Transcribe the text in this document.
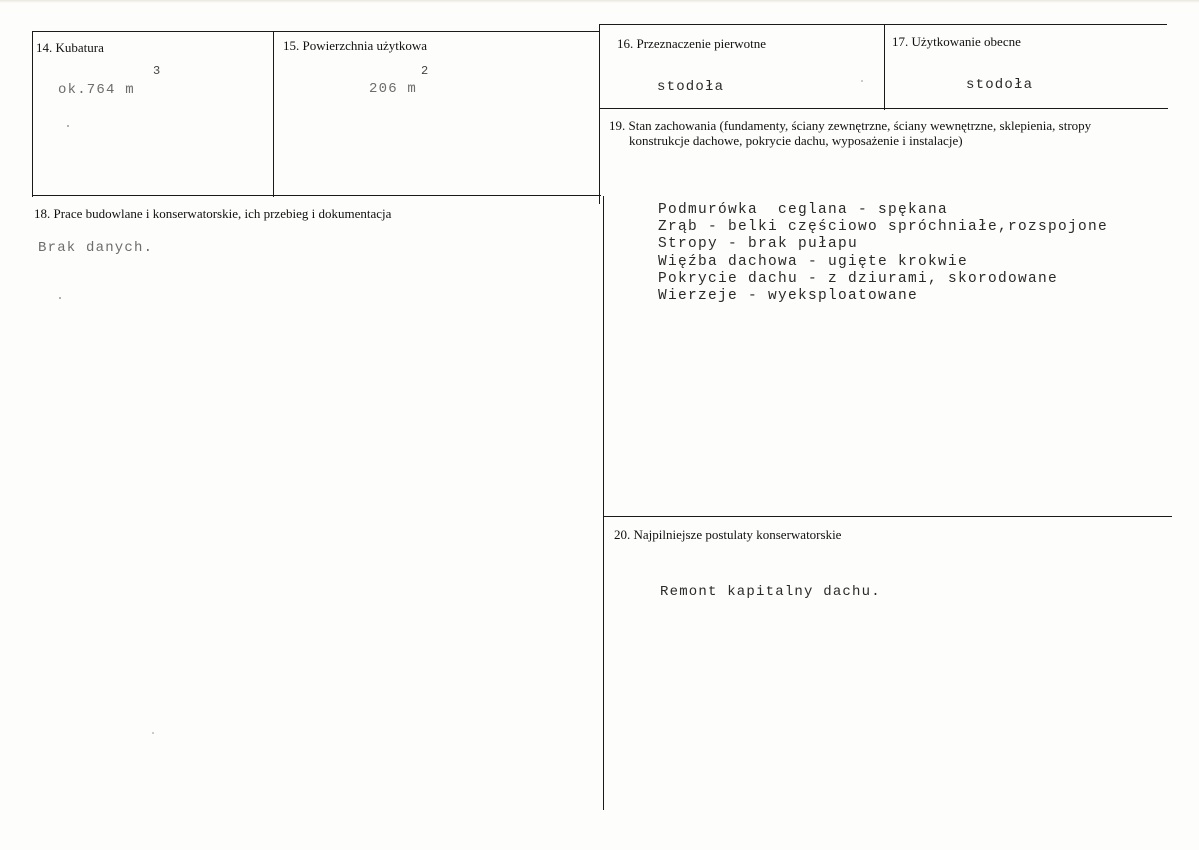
14. Kubatura
3
ok.764 m
15. Powierzchnia użytkowa
2
206 m
16. Przeznaczenie pierwotne
stodoła
17. Użytkowanie obecne
stodoła
19. Stan zachowania (fundamenty, ściany zewnętrzne, ściany wewnętrzne, sklepienia, stropy
konstrukcje dachowe, pokrycie dachu, wyposażenie i instalacje)
Podmurówka  ceglana - spękana
Zrąb - belki częściowo spróchniałe,rozspojone
Stropy - brak pułapu
Więźba dachowa - ugięte krokwie
Pokrycie dachu - z dziurami, skorodowane
Wierzeje - wyeksploatowane
18. Prace budowlane i konserwatorskie, ich przebieg i dokumentacja
Brak danych.
20. Najpilniejsze postulaty konserwatorskie
Remont kapitalny dachu.
